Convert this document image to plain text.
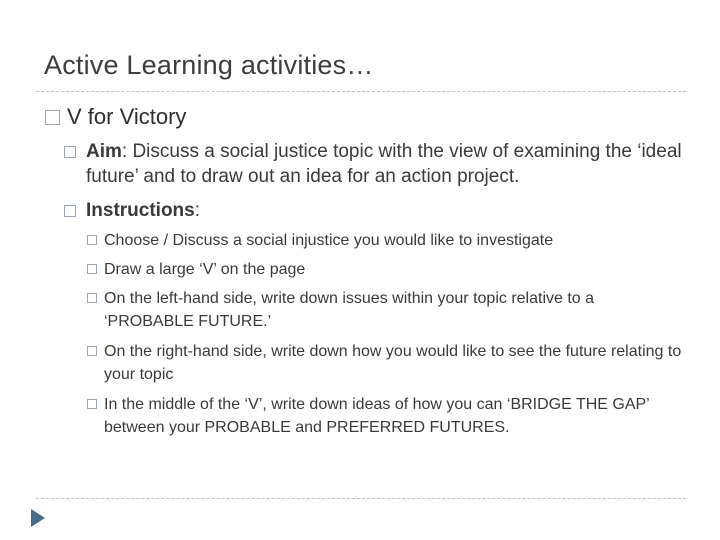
Active Learning activities…
V for Victory
Aim: Discuss a social justice topic with the view of examining the ‘ideal future’ and to draw out an idea for an action project.
Instructions:
Choose / Discuss a social injustice you would like to investigate
Draw a large ‘V’ on the page
On the left-hand side, write down issues within your topic relative to a ‘PROBABLE FUTURE.’
On the right-hand side, write down how you would like to see the future relating to your topic
In the middle of the ‘V’, write down ideas of how you can ‘BRIDGE THE GAP’ between your PROBABLE and PREFERRED FUTURES.
